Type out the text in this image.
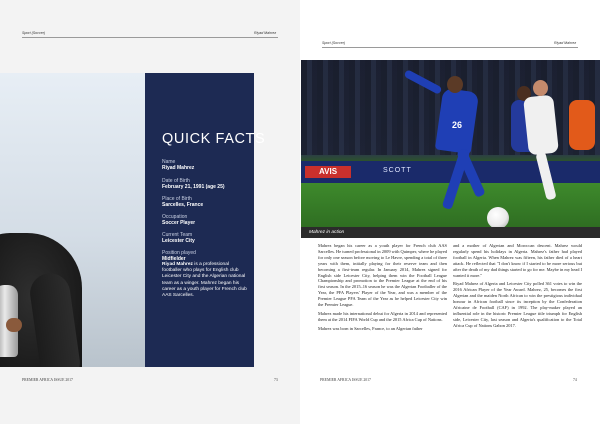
Sport (Soccer)	Riyad Mahrez
QUICK FACTS
Name
Riyad Mahrez
Date of Birth
February 21, 1991 (age 25)
Place of Birth
Sarcelles, France
Occupation
Soccer Player
Current Team
Leicester City
Position played
Midfielder
Riyad Mahrez is a professional footballer who plays for English club Leicester City and the Algerian national team as a winger. Mahrez began his career as a youth player for French club AAS Sarcelles.
PREMIER AFRICA ISSUE 2017	73
Sport (Soccer)	Riyad Mahrez
AVIS	SCOTT
26
Mahrez in action

Mahrez began his career as a youth player for French club AAS Sarcelles. He turned professional in 2009 with Quimper, where he played for only one season before moving to Le Havre, spending a total of three years with them, initially playing for their reserve team and then becoming a first-team regular. In January 2014, Mahrez signed for English side Leicester City, helping them win the Football League Championship and promotion to the Premier League at the end of his first season. In the 2015–16 season he was the Algerian Footballer of the Year, the PFA Players' Player of the Year, and was a member of the Premier League PFA Team of the Year as he helped Leicester City win the Premier League.

Mahrez made his international debut for Algeria in 2014 and represented them at the 2014 FIFA World Cup and the 2015 Africa Cup of Nations.

Mahrez was born in Sarcelles, France, to an Algerian father

and a mother of Algerian and Moroccan descent. Mahrez would regularly spend his holidays in Algeria. Mahrez's father had played football in Algeria. When Mahrez was fifteen, his father died of a heart attack. He reflected that "I don't know if I started to be more serious but after the death of my dad things started to go for me. Maybe in my head I wanted it more."

Riyad Mahrez of Algeria and Leicester City polled 361 votes to win the 2016 African Player of the Year Award. Mahrez, 25, becomes the first Algerian and the maiden North African to win the prestigious individual honour in African football since its inception by the Confederation Africaine de Football (CAF) in 1992. The play-maker played an influential role in the historic Premier League title triumph for English side, Leicester City, last season and Algeria's qualification to the Total Africa Cup of Nations Gabon 2017.

PREMIER AFRICA ISSUE 2017	74
